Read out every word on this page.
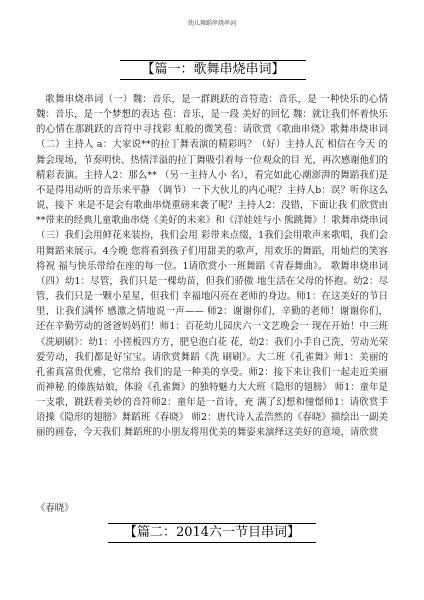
幼儿舞蹈串烧串词
【篇一：歌舞串烧串词】

歌舞串烧串词（一）魏：音乐，是一群跳跃的音符造：音乐，是 一种快乐的心情 魏：音乐，是一个梦想的表达 苞：音乐，是一段 美好的回忆 魏：就让我们怀着快乐的心情在那跳跃的音符中寻找彩 虹般的微笑苞：请欣赏《歌曲串烧》歌舞串烧串词（二）主持人 a：大家说**的拉丁舞表演的精彩吗？（好）主持人瓦 相信在今天 的舞会现场，节奏明快、热情洋溢的拉丁舞吸引着每一位观众的目 光，再次感谢他们的精彩表演。主持人2：那么** （另一主持人小 名），看完如此心潮澎湃的舞蹈我们是不是得用动听的音乐来平静 （调节）一下大伙儿的内心呢？主持人b：误？听你这么说，接下 来是不是会有歌曲串烧重磅来袭了呢？主持人2：没错，下面让我 们欣赏由**带来的经典儿童歌曲串烧《美好的未来》和《洋娃娃与小 熊跳舞》！歌舞串烧串词（三）我们会用鲜花来装扮，我们会用 彩带来点缀，1我们会用歌声来歌唱，我们会用舞蹈来展示。4今晚 您将看到孩子们用甜美的歌声，用欢乐的舞蹈，用灿烂的笑容将祝 福与快乐带给在座的每一位。1请欣赏小一班舞蹈《青春舞曲》。 歌舞串烧串词（四）幼1：尽管，我们只是一棵幼苗，但我们骄傲 地生活在父母的怀抱。幼2：尽管，我们只是一颗小星星，但我们 幸福地闪亮在老师的身边。师1：在这美好的节日里，让我们满怀 感激之情地说一声—— 师2：谢谢你们，辛勤的老师！谢谢你们， 还在辛勤劳动的爸爸妈妈们！师1：百花幼儿园庆六一文艺晚会一 现在开始！中三班《洗刷刷》：幼1：小搓板四方方，肥皂泡白花 花，幼2：我们小手自己洗，劳动光荣爱劳动，我们都是好宝宝。请欣赏舞蹈《洗 刷刷》。大二班《孔雀舞》师1：美丽的孔雀真富贵优雅，它常给 我们的是一种美的享受。师2：接下来让我们一起走近美丽而神秘 的傣族姑娘，体验《孔雀舞》的独特魅力大大班《隐形的翅膀》 师1：童年是一支歌，跳跃着美妙的音符师2：童年是一首诗，充 满了幻想和憧憬师1：请欣赏手语操《隐形的翅膀》舞蹈班《春晓》 师2：唐代诗人孟浩然的《春晓》描绘出一副美丽的画卷，今天我们 舞蹈班的小朋友将用优美的舞姿来演绎这美好的意境，请欣赏

《春晓》
【篇二：2014六一节目串词】
